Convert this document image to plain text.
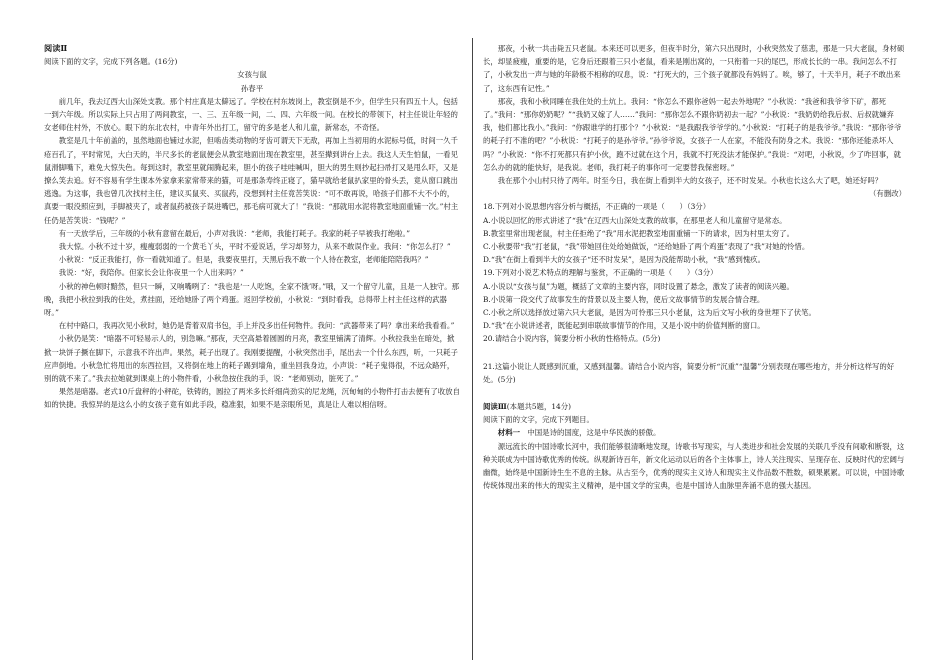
阅读Ⅱ

阅读下面的文字，完成下列各题。(16分)

女孩与鼠

孙春平

前几年，我去辽西大山深处支教。那个村庄真是太僻远了。学校在村东坡岗上，教室倒是不少，但学生只有四五十人，包括一到六年级。所以实际上只占用了两间教室，一、三、五年级一间，二、四、六年级一间。在校长的带领下，村主任说让年轻的女老师住村外，不放心。眼下的东北农村，中青年外出打工，留守的多是老人和儿童，新常态，不奇怪。

教室是几十年前盖的，虽然地面也铺过水泥，但啮齿类动物的牙齿可谓天下无敌，再加上当初用的水泥标号低，时间一久千疮百孔了，平时常见，大白天的，半尺多长的老鼠便会从教室地面出现在教室里，甚至撵到讲台上去。我这人天生怕鼠，一看见鼠滑脚嘴下，难免大惊失色。每到这时，教室里就闹腾起来，胆小的孩子哇哇喊叫，胆大的男生则抄起扫帚打又是甩么吓，又是撩么笑去追。好不容易有学生课本外家拿来家常带来的猫，可是那条寿终正寝了，猫早就给老鼠扒家里的骨头丢，竟从窗口跳出逃逸。为这事，我也曾几次找村主任，建议买鼠夹、买鼠药，没想到村主任竟苦笑说：“可不敢再说，哈孩子们都不大不小的，真要一眼没照应到，手脚被夹了，或者鼠药被孩子误进嘴巴，那毛病可就大了！”我说：“那就用水泥将教室地面重铺一次。”村主任仍是苦笑说：“钱呢？”

有一天放学后，三年级的小秋有意留在最后，小声对我说：“老师，我能打耗子。我家的耗子早被我打绝啦。”

我大惊。小秋不过十岁，瘦瘦弱弱的一个黄毛丫头，平时不爱说话，学习却努力，从来不敢误作业。我问：“你怎么打？”

小秋说：“反正我能打，你一看就知道了。但是，我要夜里打，天黑后我不敢一个人待在教室，老师能陪陪我吗？”

我说：“好，我陪你。但家长会让你夜里一个人出来吗？”

小秋的神色顿时黯然，但只一瞬，又响嘴咧了：“我也是‘一人吃饱，全家不饿’呀。”哦，又一个留守儿童，且是一人独守。那晚，我把小秋拉到我的住处，煮挂面，还给她卧了两个鸡蛋。返回学校前，小秋说：“到时看我，总得带上村主任这样的武器呀。”

在村中路口，我再次见小秋时，她仍是背着双肩书包，手上并没多出任何物件。我问：“武器带来了吗？拿出来给我看看。”

小秋仍是笑：“暗器不可轻易示人的，别急嘛。”那夜，天空高悬着圆圆的月亮，教室里铺满了清辉。小秋拉我坐在暗处，掀掀一块饼子撅在脚下，示意我不许出声。果然，耗子出现了。我刚要提醒，小秋突然出手，尾出去一个什么东西，听，一只耗子应声倒地。小秋急忙将甩出的东西拉回，又将倒在地上的耗子踢到墙角，重坐回我身边，小声说：“耗子鬼得很，不远众路歼，别的就不来了。”我去拉她就到课桌上的小物件看，小秋急按住我的手，说：“老师别动，脏死了。”

果然是暗器。老式10斤盘秤的小秤砣，铁铸的，圆拉了两米多长纤细尚劲实的尼龙绳，沉甸甸的小物件打击去便有了收放自如的快捷。我惊异的是这么小的女孩子竟有如此手段，稳准狠，如果不是亲眼所见，真是让人难以相信呀。

那夜，小秋一共击毙五只老鼠。本来还可以更多，但夜半时分，第六只出现时，小秋突然发了慈悲，那是一只大老鼠，身材硕长，却显疲瘦，重要的是，它身后还跟着三只小老鼠，看来是刚出窝的，一只衔着一只的尾巴，形成长长的一串。我问怎么不打了，小秋发出一声与她的年龄极不相称的叹息，说：“打死大的，三个孩子就都没有妈妈了。唉，够了，十天半月，耗子不敢出来了，这东西有记性。”

那夜，我和小秋同睡在我住处的土炕上。我问：“你怎么不跟你爸妈一起去外地呢？”小秋说：“我爸和我爷爷下矿，都死了。”我问：“那你奶奶呢？”“我奶又嫁了人……”我问：“那你怎么不跟你奶初去一起？”小秋说：“我奶奶给我后叔、后叔就嫌弃我，他们都比我小。”我问：“你跟谁学的打那个？”小秋说：“是我跟我爷爷学的。”小秋说：“打耗子的是我爷爷。”我说：“那你爷爷的耗子打不准的吧？”小秋说：“打耗子的是孙爷爷。”孙爷爷说，女孩子一人在家，不能没有防身之术。我说：“那你还能杀坏人吗？”小秋说：“你不打死都只有护小伙，跑不过就在这个月，我就不打死没法才能保护。”我说：“对吧，小秋说，少了咋回事，就怎么办的就的能快好，是我说。老师，我打耗子的事你可一定要替我保密呀。”

我在那个小山村只待了两年。时至今日，我在街上看到半大的女孩子，还不时发呆。小秋也长这么大了吧，她还好吗？

（有删改）

18.下列对小说思想内容分析与概括，不正确的一项是（　　）（3分）

A.小说以回忆的形式讲述了“我”在辽西大山深处支教的故事，在那里老人和儿童留守是常态。

B.教室里常出现老鼠，村主任拒绝了“我”用水泥把教室地面重铺一下的请求，因为村里太穷了。

C.小秋要带“我”打老鼠，“我”带她回住处给她做饭，“还给她卧了两个鸡蛋”表现了“我”对她的怜惜。

D.“我”在街上看到半大的女孩子“还不时发呆”，是因为没能帮助小秋，“我”感到愧疚。

19.下列对小说艺术特点的理解与鉴赏，不正确的一项是（　　）（3分）

A.小说以“女孩与鼠”为题，概括了文章的主要内容，同时设置了悬念，激发了读者的阅读兴趣。

B.小说第一段交代了故事发生的背景以及主要人物，使后文故事情节的发展合情合理。

C.小秋之所以选择放过第六只大老鼠，是因为可怜那三只小老鼠，这为后文写小秋的身世埋下了伏笔。

D.“我”在小说讲述者，既能起到串联故事情节的作用，又是小说中的价值判断的窗口。

20.请结合小说内容，简要分析小秋的性格特点。(5分)

21.这篇小说让人既感到沉重，又感到温馨。请结合小说内容，简要分析“沉重”“温馨”分别表现在哪些地方，并分析这样写的好处。(5分)

阅读Ⅲ(本题共5题，14分)

阅读下面的文字，完成下列题目。

材料一　 中国是诗的国度，这是中华民族的骄傲。

源远流长的中国诗歌长河中，我们能够很清晰地发现，诗歌书写现实，与人类进步和社会发展的关联几乎没有间歇和断裂，这种关联成为中国诗歌优秀的传统。纵观新诗百年，新文化运动以后的各个主体事上，诗人关注现实、呈现存在、反映时代的宏阔与幽微，始终是中国新诗生生不息的主脉。从古至今，优秀的现实主义诗人和现实主义作品数不胜数，硕果累累。可以说，中国诗歌传统体现出来的伟大的现实主义精神，是中国文学的宝典，也是中国诗人血脉里奔涌不息的强大基因。
